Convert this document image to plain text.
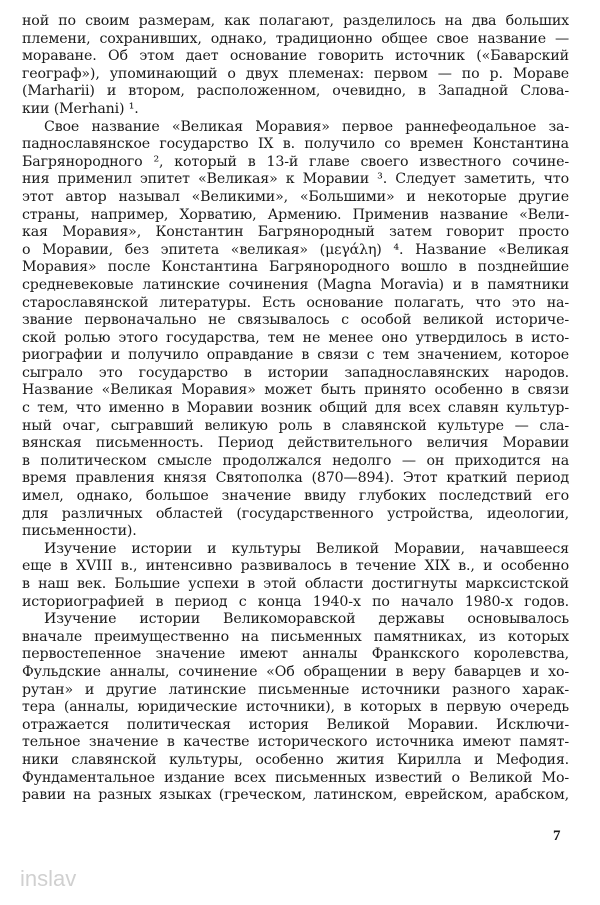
ной по своим размерам, как полагают, разделилось на два больших
племени, сохранивших, однако, традиционно общее свое название —
мораване. Об этом дает основание говорить источник («Баварский
географ»), упоминающий о двух племенах: первом — по р. Мораве
(Marharii) и втором, расположенном, очевидно, в Западной Слова-
кии (Merhani) ¹.
Свое название «Великая Моравия» первое раннефеодальное за-
паднославянское государство IX в. получило со времен Константина
Багрянородного ², который в 13-й главе своего известного сочине-
ния применил эпитет «Великая» к Моравии ³. Следует заметить, что
этот автор называл «Великими», «Большими» и некоторые другие
страны, например, Хорватию, Армению. Применив название «Вели-
кая Моравия», Константин Багрянородный затем говорит просто
о Моравии, без эпитета «великая» (μεγάλη) ⁴. Название «Великая
Моравия» после Константина Багрянородного вошло в позднейшие
средневековые латинские сочинения (Magna Moravia) и в памятники
старославянской литературы. Есть основание полагать, что это на-
звание первоначально не связывалось с особой великой историче-
ской ролью этого государства, тем не менее оно утвердилось в исто-
риографии и получило оправдание в связи с тем значением, которое
сыграло это государство в истории западнославянских народов.
Название «Великая Моравия» может быть принято особенно в связи
с тем, что именно в Моравии возник общий для всех славян культур-
ный очаг, сыгравший великую роль в славянской культуре — сла-
вянская письменность. Период действительного величия Моравии
в политическом смысле продолжался недолго — он приходится на
время правления князя Святополка (870—894). Этот краткий период
имел, однако, большое значение ввиду глубоких последствий его
для различных областей (государственного устройства, идеологии,
письменности).
Изучение истории и культуры Великой Моравии, начавшееся
еще в XVIII в., интенсивно развивалось в течение XIX в., и особенно
в наш век. Большие успехи в этой области достигнуты марксистской
историографией в период с конца 1940-х по начало 1980-х годов.
Изучение истории Великоморавской державы основывалось
вначале преимущественно на письменных памятниках, из которых
первостепенное значение имеют анналы Франкского королевства,
Фульдские анналы, сочинение «Об обращении в веру баварцев и хо-
рутан» и другие латинские письменные источники разного харак-
тера (анналы, юридические источники), в которых в первую очередь
отражается политическая история Великой Моравии. Исключи-
тельное значение в качестве исторического источника имеют памят-
ники славянской культуры, особенно жития Кирилла и Мефодия.
Фундаментальное издание всех письменных известий о Великой Мо-
равии на разных языках (греческом, латинском, еврейском, арабском,
7
inslav
